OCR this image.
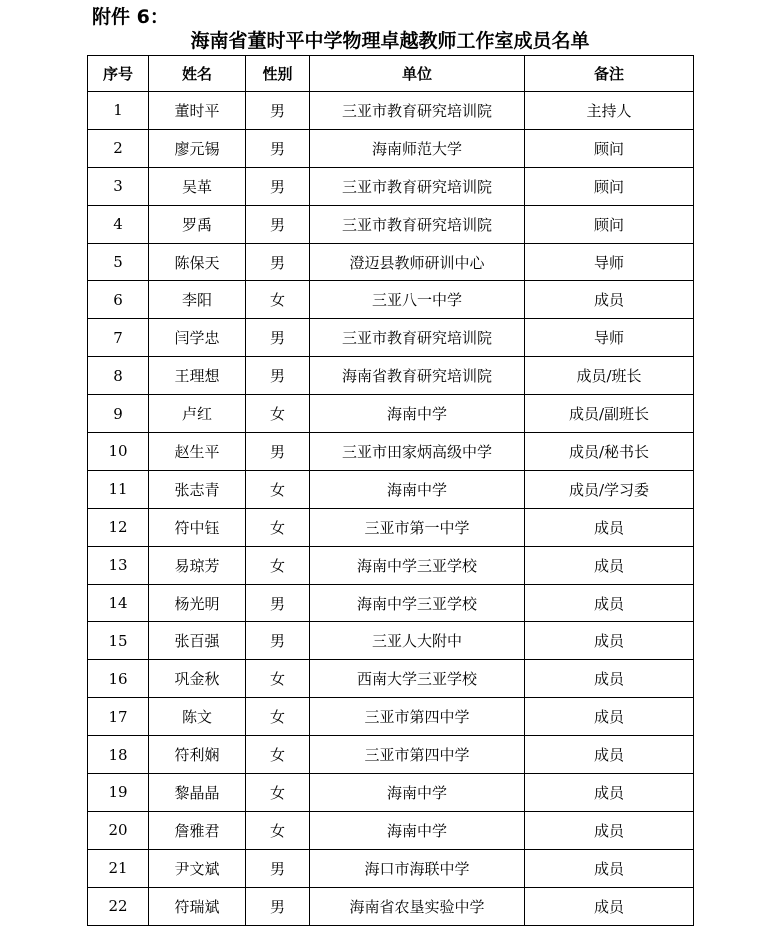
附件 6：
海南省董时平中学物理卓越教师工作室成员名单
序号	姓名	性别	单位	备注
1	董时平	男	三亚市教育研究培训院	主持人
2	廖元锡	男	海南师范大学	顾问
3	吴革	男	三亚市教育研究培训院	顾问
4	罗禹	男	三亚市教育研究培训院	顾问
5	陈保天	男	澄迈县教师研训中心	导师
6	李阳	女	三亚八一中学	成员
7	闫学忠	男	三亚市教育研究培训院	导师
8	王理想	男	海南省教育研究培训院	成员/班长
9	卢红	女	海南中学	成员/副班长
10	赵生平	男	三亚市田家炳高级中学	成员/秘书长
11	张志青	女	海南中学	成员/学习委
12	符中钰	女	三亚市第一中学	成员
13	易琼芳	女	海南中学三亚学校	成员
14	杨光明	男	海南中学三亚学校	成员
15	张百强	男	三亚人大附中	成员
16	巩金秋	女	西南大学三亚学校	成员
17	陈文	女	三亚市第四中学	成员
18	符利娴	女	三亚市第四中学	成员
19	黎晶晶	女	海南中学	成员
20	詹雅君	女	海南中学	成员
21	尹文斌	男	海口市海联中学	成员
22	符瑞斌	男	海南省农垦实验中学	成员
